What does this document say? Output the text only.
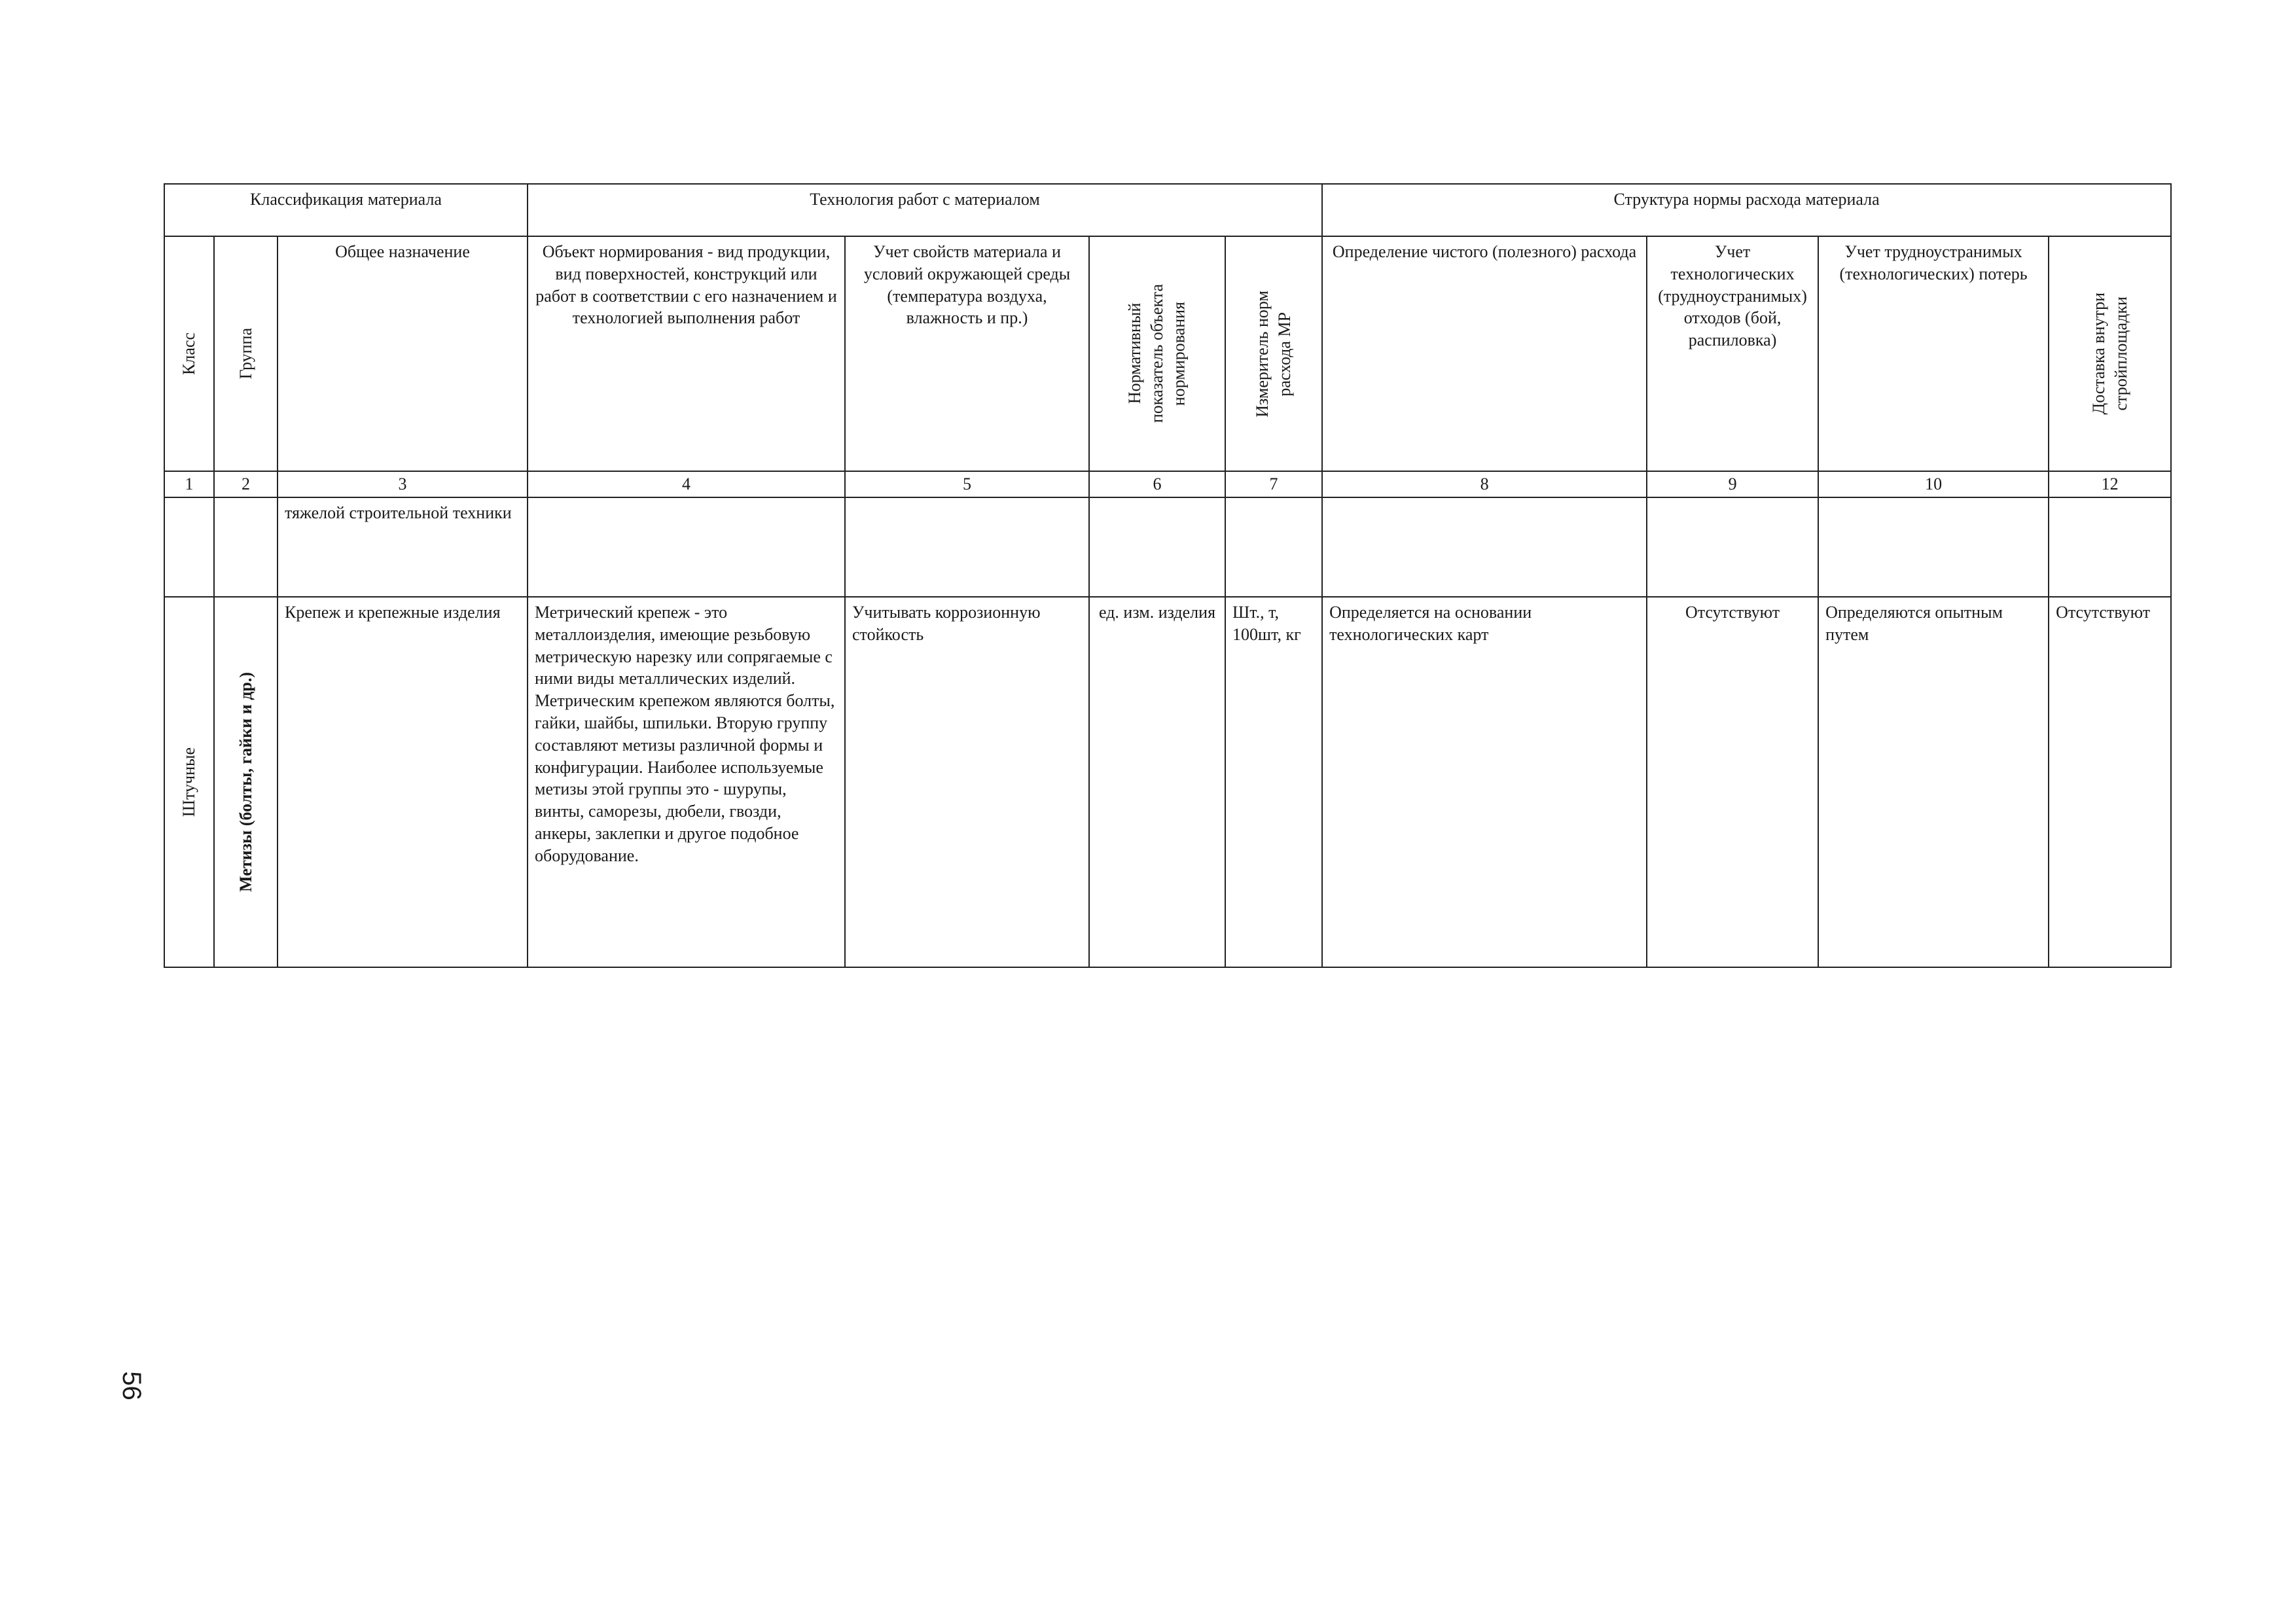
Классификация материала			Технология работ с материалом				Структура нормы расхода материала			

Класс	Группа	Общее назначение	Объект нормирования - вид продукции, вид поверхностей, конструкций или работ в соответствии с его назначением и технологией выполнения работ	Учет свойств материала и условий окружающей среды (температура воздуха, влажность и пр.)	Нормативный показатель объекта нормирования	Измеритель норм расхода МР	Определение чистого (полезного) расхода	Учет технологических (трудноустранимых) отходов (бой, распиловка)	Учет трудноустранимых (технологических) потерь	Доставка внутри стройплощадки

1	2	3	4	5	6	7	8	9	10	12
		тяжелой строительной техники								

Штучные	Метизы (болты, гайки и др.)	Крепеж и крепежные изделия	Метрический крепеж - это металлоизделия, имеющие резьбовую метрическую нарезку или сопрягаемые с ними виды металлических изделий. Метрическим крепежом являются болты, гайки, шайбы, шпильки. Вторую группу составляют метизы различной формы и конфигурации. Наиболее используемые метизы этой группы это - шурупы, винты, саморезы, дюбели, гвозди, анкеры, заклепки и другое подобное оборудование.	Учитывать коррозионную стойкость	ед. изм. изделия	Шт., т, 100шт, кг	Определяется на основании технологических карт	Отсутствуют	Определяются опытным путем	Отсутствуют
56
